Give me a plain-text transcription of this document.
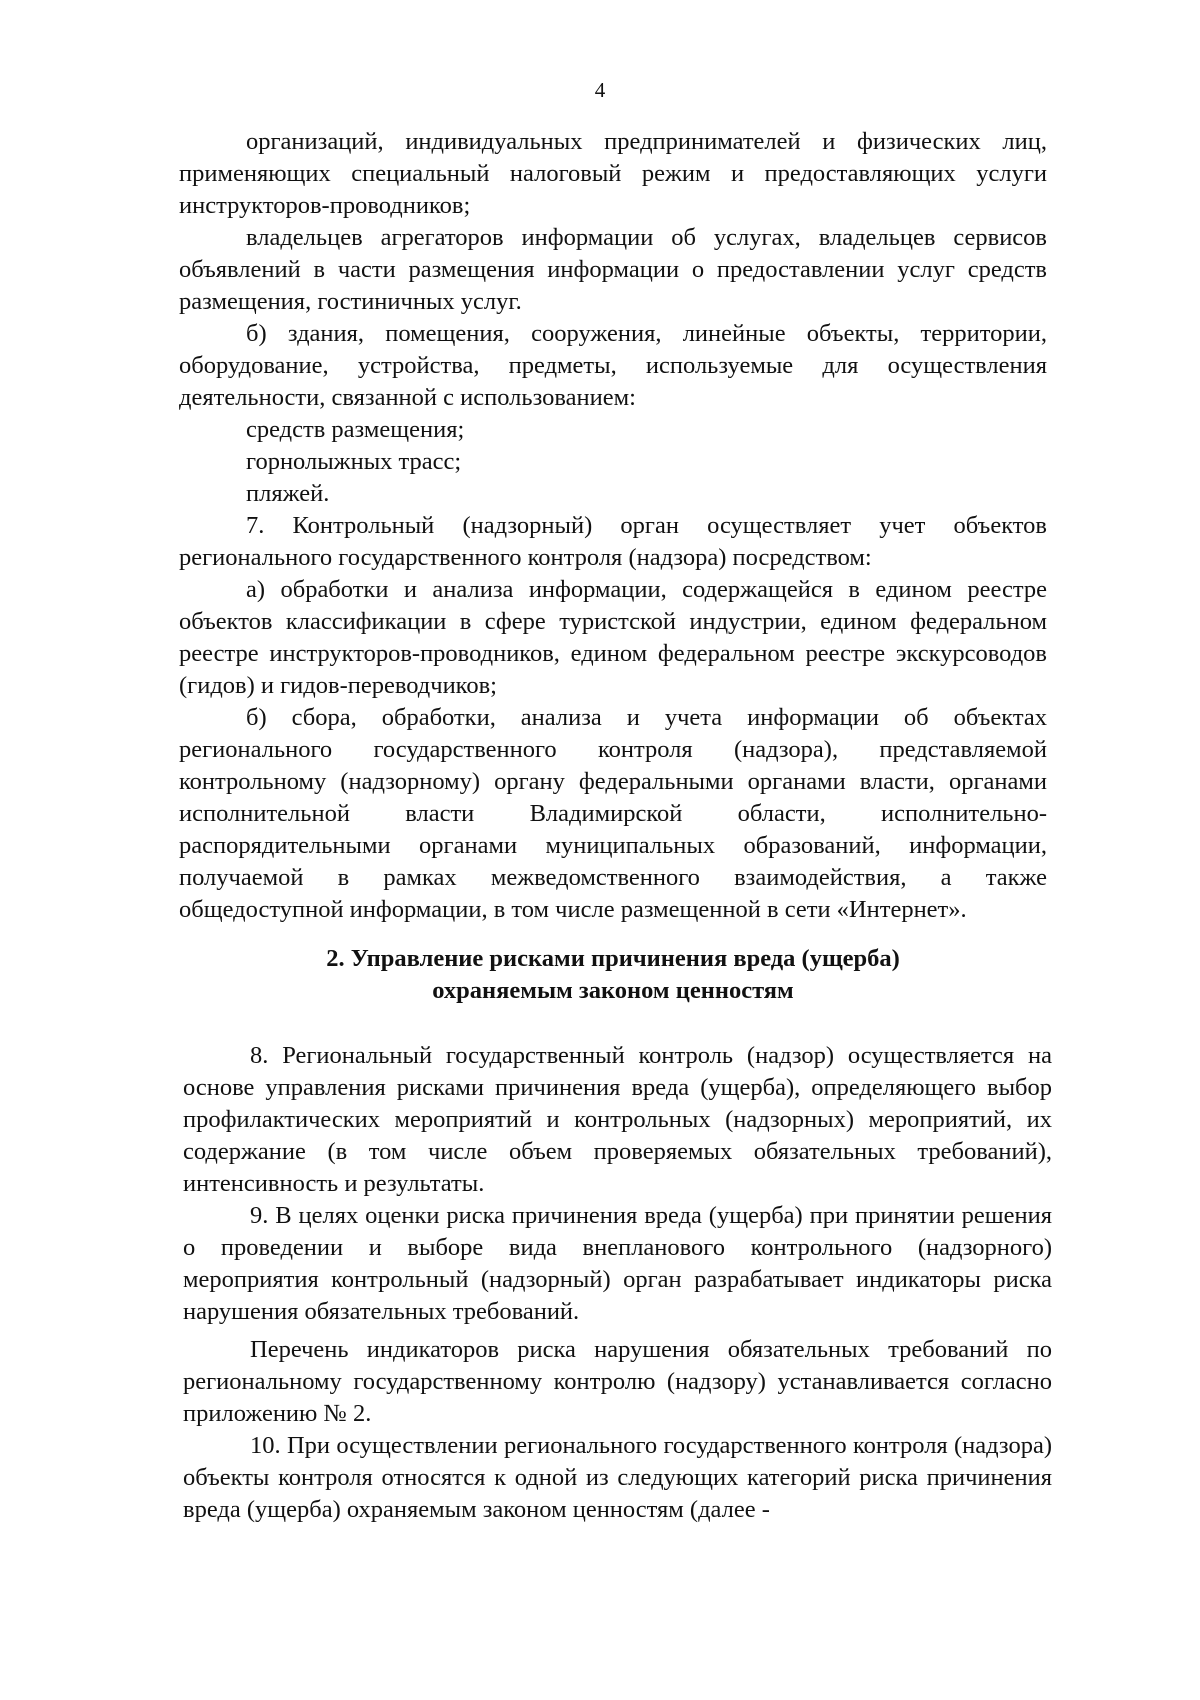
4

организаций, индивидуальных предпринимателей и физических лиц, применяющих специальный налоговый режим и предоставляющих услуги инструкторов-проводников;

владельцев агрегаторов информации об услугах, владельцев сервисов объявлений в части размещения информации о предоставлении услуг средств размещения, гостиничных услуг.

б) здания, помещения, сооружения, линейные объекты, территории, оборудование, устройства, предметы, используемые для осуществления деятельности, связанной с использованием:

средств размещения;

горнолыжных трасс;

пляжей.

7. Контрольный (надзорный) орган осуществляет учет объектов регионального государственного контроля (надзора) посредством:

а) обработки и анализа информации, содержащейся в едином реестре объектов классификации в сфере туристской индустрии, едином федеральном реестре инструкторов-проводников, едином федеральном реестре экскурсоводов (гидов) и гидов-переводчиков;

б) сбора, обработки, анализа и учета информации об объектах регионального государственного контроля (надзора), представляемой контрольному (надзорному) органу федеральными органами власти, органами исполнительной власти Владимирской области, исполнительно-распорядительными органами муниципальных образований, информации, получаемой в рамках межведомственного взаимодействия, а также общедоступной информации, в том числе размещенной в сети «Интернет».

2. Управление рисками причинения вреда (ущерба)
охраняемым законом ценностям

8. Региональный государственный контроль (надзор) осуществляется на основе управления рисками причинения вреда (ущерба), определяющего выбор профилактических мероприятий и контрольных (надзорных) мероприятий, их содержание (в том числе объем проверяемых обязательных требований), интенсивность и результаты.

9. В целях оценки риска причинения вреда (ущерба) при принятии решения о проведении и выборе вида внепланового контрольного (надзорного) мероприятия контрольный (надзорный) орган разрабатывает индикаторы риска нарушения обязательных требований.

Перечень индикаторов риска нарушения обязательных требований по региональному государственному контролю (надзору) устанавливается согласно приложению № 2.

10. При осуществлении регионального государственного контроля (надзора) объекты контроля относятся к одной из следующих категорий риска причинения вреда (ущерба) охраняемым законом ценностям (далее -
